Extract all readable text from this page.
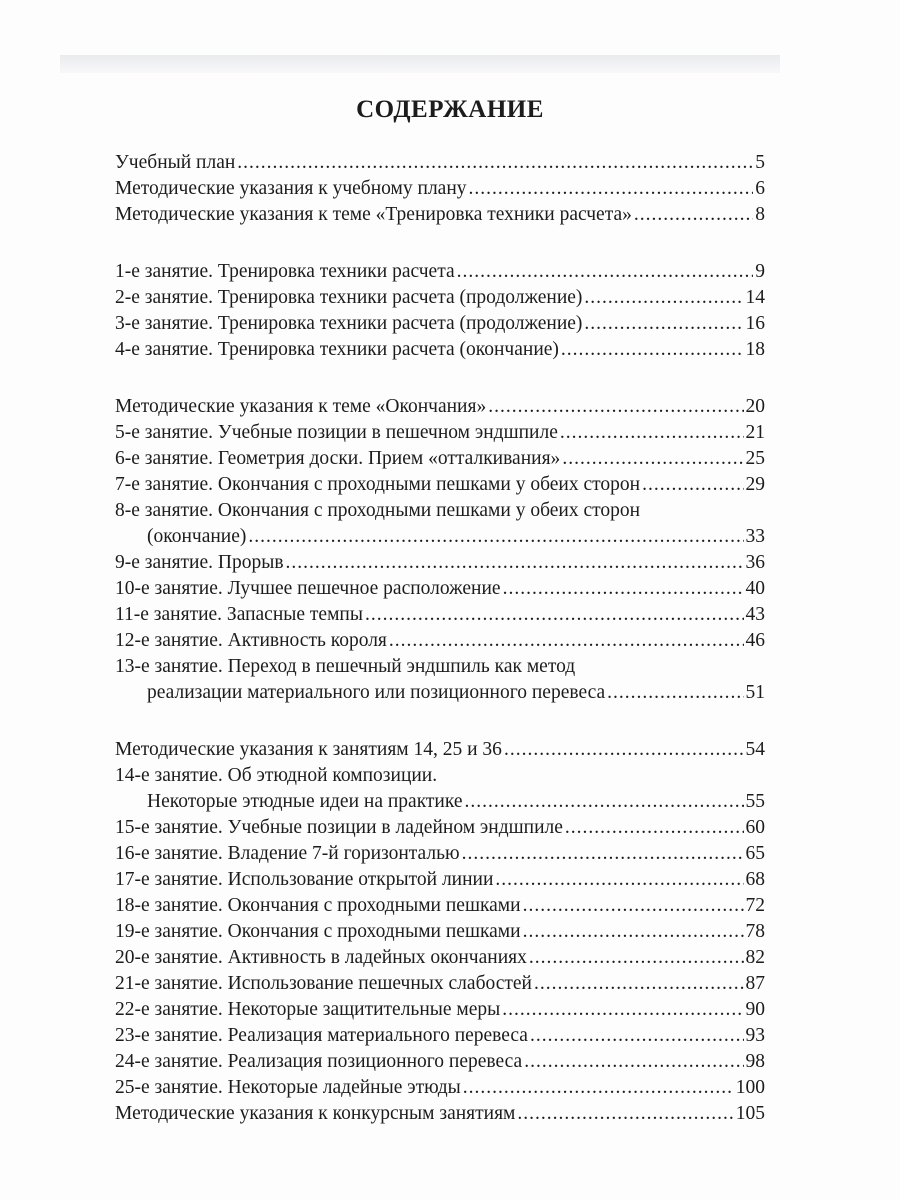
СОДЕРЖАНИЕ
Учебный план .....	5
Методические указания к учебному плану .....	6
Методические указания к теме «Тренировка техники расчета» .....	8
1-е занятие. Тренировка техники расчета .....	9
2-е занятие. Тренировка техники расчета (продолжение) .....	14
3-е занятие. Тренировка техники расчета (продолжение) .....	16
4-е занятие. Тренировка техники расчета (окончание) .....	18
Методические указания к теме «Окончания» .....	20
5-е занятие. Учебные позиции в пешечном эндшпиле .....	21
6-е занятие. Геометрия доски. Прием «отталкивания» .....	25
7-е занятие. Окончания с проходными пешками у обеих сторон .....	29
8-е занятие. Окончания с проходными пешками у обеих сторон
(окончание) .....	33
9-е занятие. Прорыв .....	36
10-е занятие. Лучшее пешечное расположение .....	40
11-е занятие. Запасные темпы .....	43
12-е занятие. Активность короля .....	46
13-е занятие. Переход в пешечный эндшпиль как метод
реализации материального или позиционного перевеса .....	51
Методические указания к занятиям 14, 25 и 36 .....	54
14-е занятие. Об этюдной композиции.
Некоторые этюдные идеи на практике .....	55
15-е занятие. Учебные позиции в ладейном эндшпиле .....	60
16-е занятие. Владение 7-й горизонталью .....	65
17-е занятие. Использование открытой линии .....	68
18-е занятие. Окончания с проходными пешками .....	72
19-е занятие. Окончания с проходными пешками .....	78
20-е занятие. Активность в ладейных окончаниях .....	82
21-е занятие. Использование пешечных слабостей .....	87
22-е занятие. Некоторые защитительные меры .....	90
23-е занятие. Реализация материального перевеса .....	93
24-е занятие. Реализация позиционного перевеса .....	98
25-е занятие. Некоторые ладейные этюды .....	100
Методические указания к конкурсным занятиям .....	105
